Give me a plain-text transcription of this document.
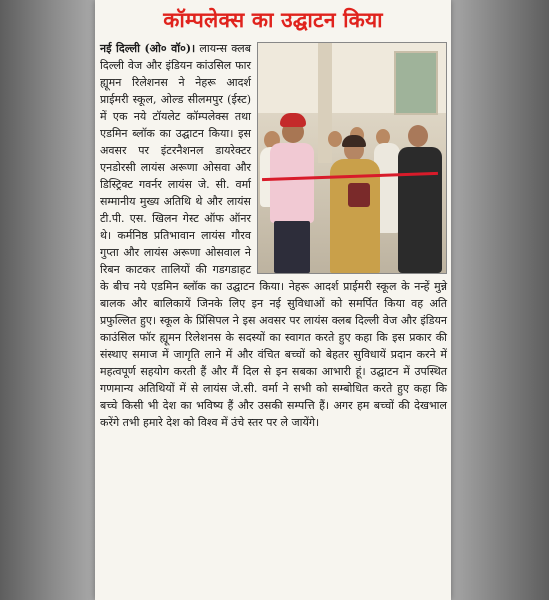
कॉम्पलेक्स का उद्घाटन किया

नई दिल्ली (ओ० वॉ०)। लायन्स क्लब दिल्ली वेज और इंडियन कांउसिल फार ह्यूमन रिलेशनस ने नेहरू आदर्श प्राईमरी स्कूल, ओल्ड सीलमपुर (ईस्ट) में एक नये टॉयलेट कॉम्पलेक्स तथा एडमिन ब्लॉक का उद्घाटन किया। इस अवसर पर इंटरनैशनल डायरेक्टर एनडोरसी लायंस अरूणा ओसवा और डिस्ट्रिक्ट गवर्नर लायंस जे. सी. वर्मा सम्मानीय मुख्य अतिथि थे और लायंस टी.पी. एस. खिलन गेस्ट ऑफ ऑनर थे। कर्मनिष्ठ प्रतिभावान लायंस गौरव गुप्ता और लायंस अरूणा ओसवाल ने रिबन काटकर तालियों की गडगडाहट के बीच नये एडमिन ब्लॉक का उद्घाटन किया। नेहरू आदर्श प्राईमरी स्कूल के नन्हें मुन्ने बालक और बालिकायें जिनके लिए इन नई सुविधाओं को समर्पित किया वह अति प्रफुल्लित हुए। स्कूल के प्रिंसिपल ने इस अवसर पर लायंस क्लब दिल्ली वेज और इंडियन काउंसिल फॉर ह्यूमन रिलेशनस के सदस्यों का स्वागत करते हुए कहा कि इस प्रकार की संस्थाए समाज में जागृति लाने में और वंचित बच्चों को बेहतर सुविधायें प्रदान करने में महत्वपूर्ण सहयोग करती हैं और मैं दिल से इन सबका आभारी हूं। उद्घाटन में उपस्थित गणमान्य अतिथियों में से लायंस जे.सी. वर्मा ने सभी को सम्बोधित करते हुए कहा कि बच्चे किसी भी देश का भविष्य हैं और उसकी सम्पत्ति हैं। अगर हम बच्चों की देखभाल करेंगे तभी हमारे देश को विश्व में उंचे स्तर पर ले जायेंगे।
